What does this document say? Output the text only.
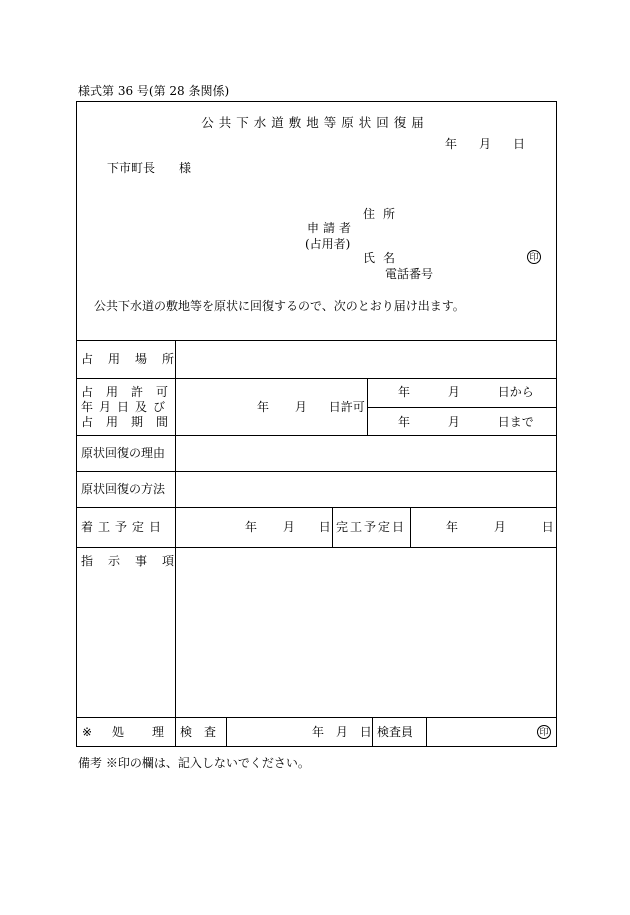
様式第 36 号(第 28 条関係)
公共下水道敷地等原状回復届
年 月 日
下市町長 様
住所
申請者
(占用者)
氏名	印
電話番号
公共下水道の敷地等を原状に回復するので、次のとおり届け出ます。
占用場所
占用許可
年月日及び
占用期間
年 月 日許可
年	月	日から
年	月	日まで
原状回復の理由
原状回復の方法
着工予定日	年 月 日 完工予定日	年	月	日
指示事項
※ 処理
検査	年 月 日 検査員	印
備考 ※印の欄は、記入しないでください。
